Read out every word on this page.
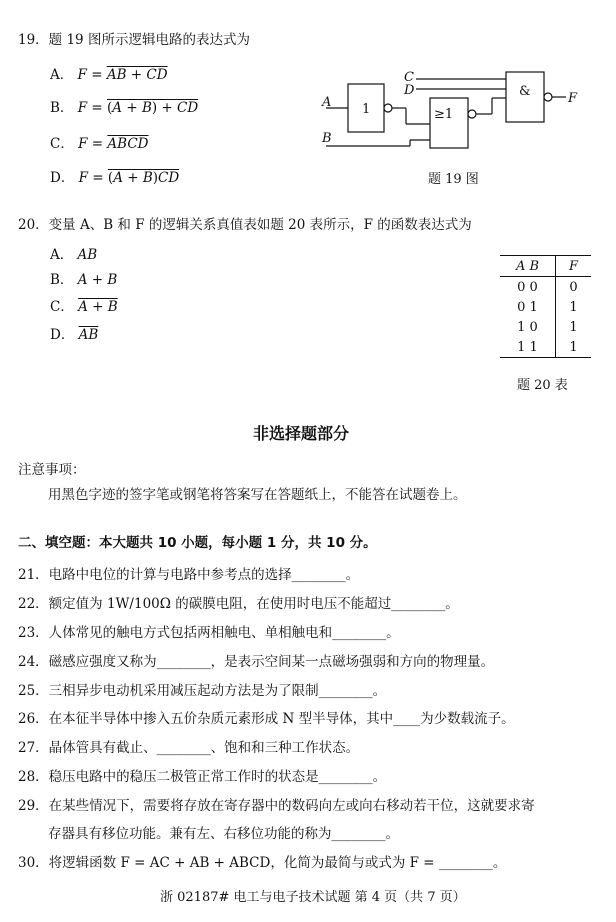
19．题 19 图所示逻辑电路的表达式为
A． F = AB + CD
B． F = (A + B) + CD
C． F = ABCD
D． F = (A + B)CD
A
B
C
D
1	≥1
&	F
题 19 图
20．变量 A、B 和 F 的逻辑关系真值表如题 20 表所示，F 的函数表达式为
A． AB
B． A + B
C． A + B
D． $\overline{AB}$
A B	F
0 0	0
0 1	1
1 0	1
1 1	1
题 20 表
非选择题部分
注意事项：
用黑色字迹的签字笔或钢笔将答案写在答题纸上，不能答在试题卷上。
二、填空题：本大题共 10 小题，每小题 1 分，共 10 分。
21．电路中电位的计算与电路中参考点的选择________。
22．额定值为 1W/100Ω 的碳膜电阻，在使用时电压不能超过________。
23．人体常见的触电方式包括两相触电、单相触电和________。
24．磁感应强度又称为________，是表示空间某一点磁场强弱和方向的物理量。
25．三相异步电动机采用减压起动方法是为了限制________。
26．在本征半导体中掺入五价杂质元素形成 N 型半导体，其中____为少数载流子。
27．晶体管具有截止、________、饱和和三种工作状态。
28．稳压电路中的稳压二极管正常工作时的状态是________。
29．在某些情况下，需要将存放在寄存器中的数码向左或向右移动若干位，这就要求寄
存器具有移位功能。兼有左、右移位功能的称为________。
30．将逻辑函数 F = AC + AB + ABCD，化简为最简与或式为 F = ________。
浙 02187# 电工与电子技术试题 第 4 页（共 7 页）
